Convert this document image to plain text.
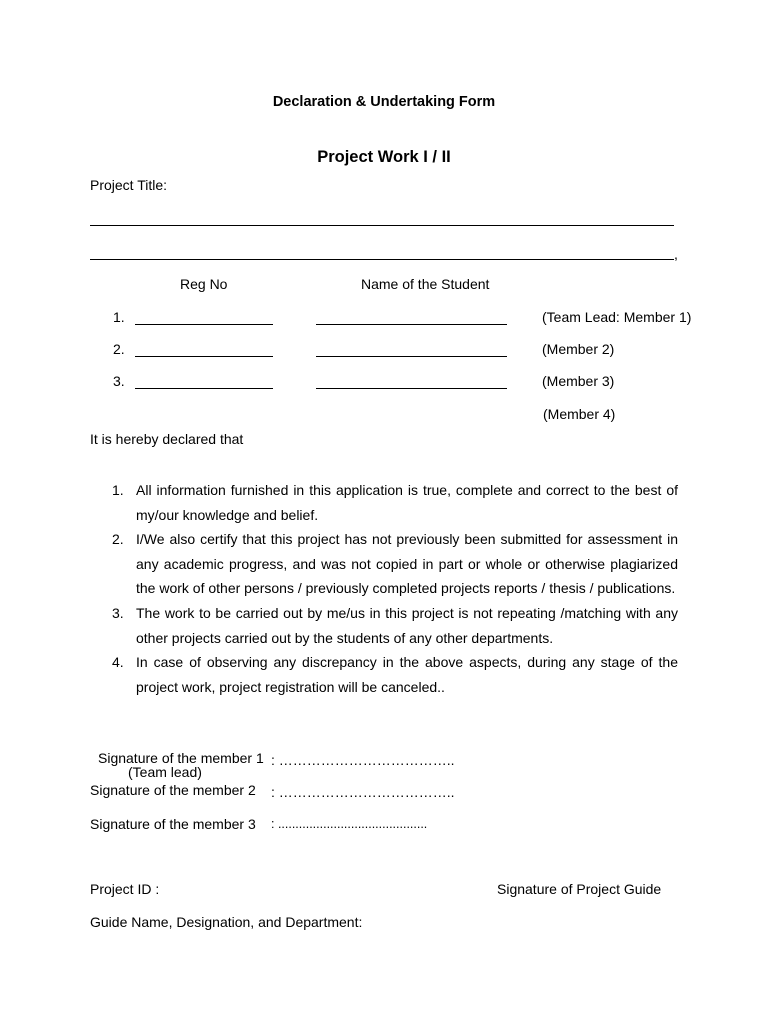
Declaration & Undertaking Form
Project Work I / II
Project Title:
,
Reg No	Name of the Student
1.	(Team Lead: Member 1)
2.	(Member 2)
3.	(Member 3)
(Member 4)
It is hereby declared that
1. All information furnished in this application is true, complete and correct to the best of my/our knowledge and belief.
2. I/We also certify that this project has not previously been submitted for assessment in any academic progress, and was not copied in part or whole or otherwise plagiarized the work of other persons / previously completed projects reports / thesis / publications.
3. The work to be carried out by me/us in this project is not repeating /matching with any other projects carried out by the students of any other departments.
4. In case of observing any discrepancy in the above aspects, during any stage of the project work, project registration will be canceled..
Signature of the member 1 : ………………………………..
(Team lead)
Signature of the member 2 : ………………………………..
Signature of the member 3 : ...........................................
Project ID :	Signature of Project Guide
Guide Name, Designation, and Department:
